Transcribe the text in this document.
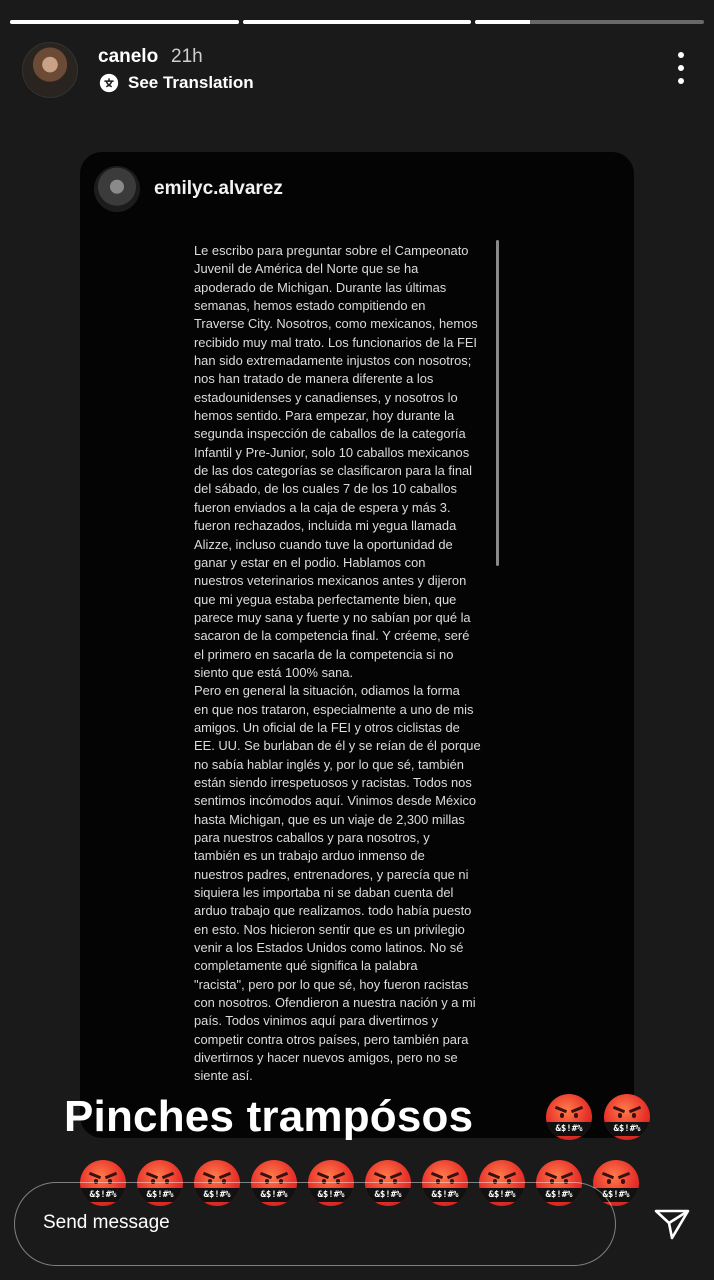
canelo 21h
See Translation
emilyc.alvarez

Le escribo para preguntar sobre el Campeonato

Juvenil de América del Norte que se ha

apoderado de Michigan. Durante las últimas

semanas, hemos estado compitiendo en

Traverse City. Nosotros, como mexicanos, hemos

recibido muy mal trato. Los funcionarios de la FEI

han sido extremadamente injustos con nosotros;

nos han tratado de manera diferente a los

estadounidenses y canadienses, y nosotros lo

hemos sentido. Para empezar, hoy durante la

segunda inspección de caballos de la categoría

Infantil y Pre-Junior, solo 10 caballos mexicanos

de las dos categorías se clasificaron para la final

del sábado, de los cuales 7 de los 10 caballos

fueron enviados a la caja de espera y más 3.

fueron rechazados, incluida mi yegua llamada

Alizze, incluso cuando tuve la oportunidad de

ganar y estar en el podio. Hablamos con

nuestros veterinarios mexicanos antes y dijeron

que mi yegua estaba perfectamente bien, que

parece muy sana y fuerte y no sabían por qué la

sacaron de la competencia final. Y créeme, seré

el primero en sacarla de la competencia si no

siento que está 100% sana.

Pero en general la situación, odiamos la forma

en que nos trataron, especialmente a uno de mis

amigos. Un oficial de la FEI y otros ciclistas de

EE. UU. Se burlaban de él y se reían de él porque

no sabía hablar inglés y, por lo que sé, también

están siendo irrespetuosos y racistas. Todos nos

sentimos incómodos aquí. Vinimos desde México

hasta Michigan, que es un viaje de 2,300 millas

para nuestros caballos y para nosotros, y

también es un trabajo arduo inmenso de

nuestros padres, entrenadores, y parecía que ni

siquiera les importaba ni se daban cuenta del

arduo trabajo que realizamos. todo había puesto

en esto. Nos hicieron sentir que es un privilegio

venir a los Estados Unidos como latinos. No sé

completamente qué significa la palabra

"racista", pero por lo que sé, hoy fueron racistas

con nosotros. Ofendieron a nuestra nación y a mi

país. Todos vinimos aquí para divertirnos y

competir contra otros países, pero también para

divertirnos y hacer nuevos amigos, pero no se

siente así.

Pinches trampósos	&$!#%	&$!#%
&$!#%	&$!#%	&$!#%	&$!#%	&$!#%	&$!#%	&$!#%	&$!#%	&$!#%	&$!#%
Send message
